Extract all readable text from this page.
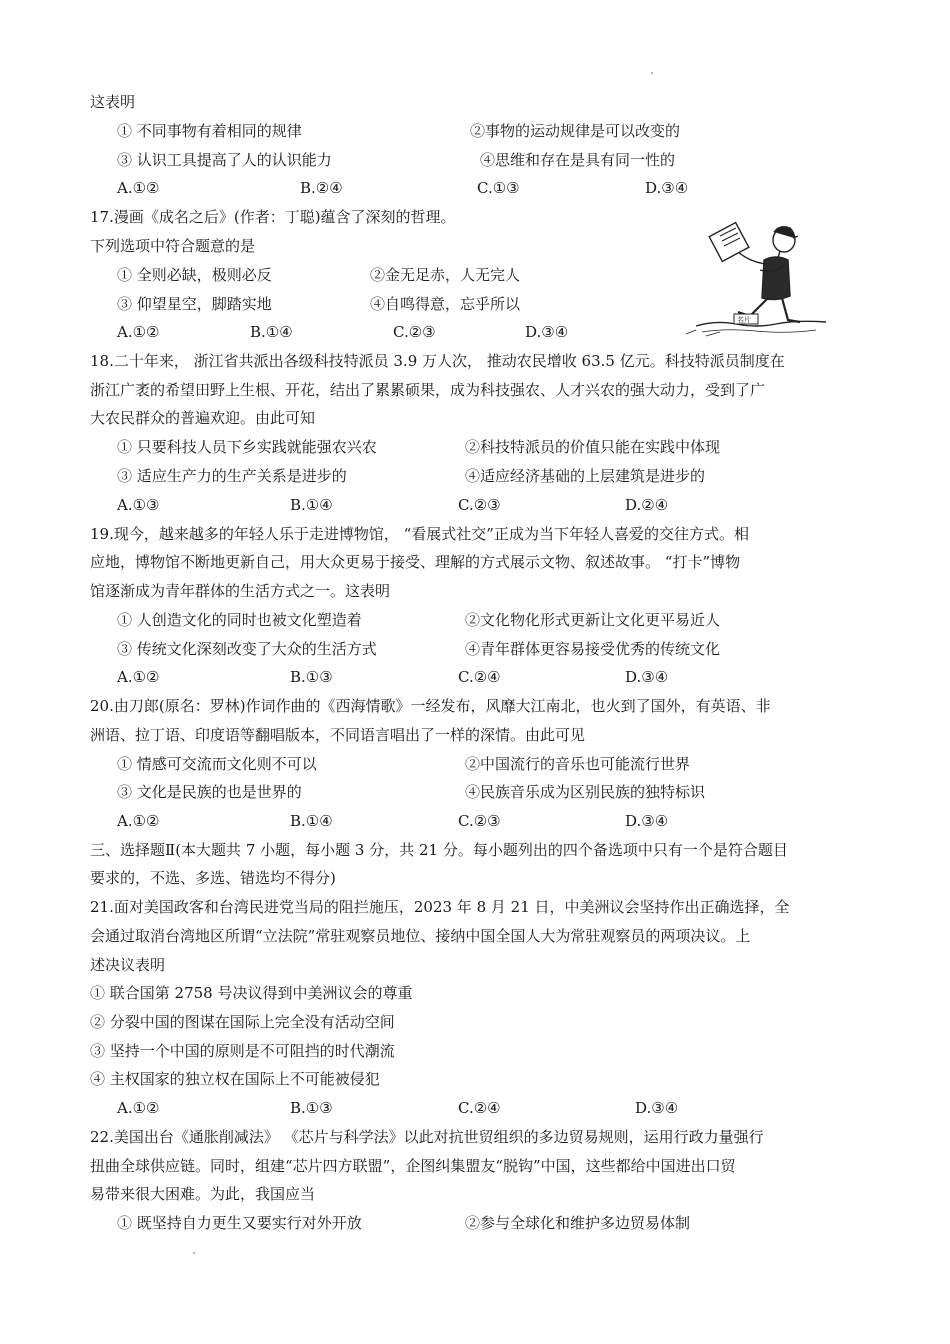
这表明
① 不同事物有着相同的规律	②事物的运动规律是可以改变的
③ 认识工具提高了人的认识能力	④思维和存在是具有同一性的
A.①②	B.②④	C.①③	D.③④
17.漫画《成名之后》(作者：丁聪)蕴含了深刻的哲理。
下列选项中符合题意的是
① 全则必缺，极则必反	②金无足赤，人无完人
③ 仰望星空，脚踏实地	④自鸣得意，忘乎所以
A.①②	B.①④	C.②③	D.③④
名片
18.二十年来， 浙江省共派出各级科技特派员 3.9 万人次， 推动农民增收 63.5 亿元。科技特派员制度在
浙江广袤的希望田野上生根、开花，结出了累累硕果，成为科技强农、人才兴农的强大动力，受到了广
大农民群众的普遍欢迎。由此可知
① 只要科技人员下乡实践就能强农兴农	②科技特派员的价值只能在实践中体现
③ 适应生产力的生产关系是进步的	④适应经济基础的上层建筑是进步的
A.①③	B.①④	C.②③	D.②④
19.现今，越来越多的年轻人乐于走进博物馆， “看展式社交”正成为当下年轻人喜爱的交往方式。相
应地，博物馆不断地更新自己，用大众更易于接受、理解的方式展示文物、叙述故事。 “打卡”博物
馆逐渐成为青年群体的生活方式之一。这表明
① 人创造文化的同时也被文化塑造着	②文化物化形式更新让文化更平易近人
③ 传统文化深刻改变了大众的生活方式	④青年群体更容易接受优秀的传统文化
A.①②	B.①③	C.②④	D.③④
20.由刀郎(原名：罗林)作词作曲的《西海情歌》一经发布，风靡大江南北，也火到了国外，有英语、非
洲语、拉丁语、印度语等翻唱版本，不同语言唱出了一样的深情。由此可见
① 情感可交流而文化则不可以	②中国流行的音乐也可能流行世界
③ 文化是民族的也是世界的	④民族音乐成为区别民族的独特标识
A.①②	B.①④	C.②③	D.③④
三、选择题Ⅱ(本大题共 7 小题，每小题 3 分，共 21 分。每小题列出的四个备选项中只有一个是符合题目
要求的，不选、多选、错选均不得分)
21.面对美国政客和台湾民进党当局的阻拦施压，2023 年 8 月 21 日，中美洲议会坚持作出正确选择，全
会通过取消台湾地区所谓“立法院”常驻观察员地位、接纳中国全国人大为常驻观察员的两项决议。上
述决议表明
① 联合国第 2758 号决议得到中美洲议会的尊重
② 分裂中国的图谋在国际上完全没有活动空间
③ 坚持一个中国的原则是不可阻挡的时代潮流
④ 主权国家的独立权在国际上不可能被侵犯
A.①②	B.①③	C.②④	D.③④
22.美国出台《通胀削减法》 《芯片与科学法》以此对抗世贸组织的多边贸易规则，运用行政力量强行
扭曲全球供应链。同时，组建“芯片四方联盟”，企图纠集盟友“脱钩”中国，这些都给中国进出口贸
易带来很大困难。为此，我国应当
① 既坚持自力更生又要实行对外开放	②参与全球化和维护多边贸易体制
